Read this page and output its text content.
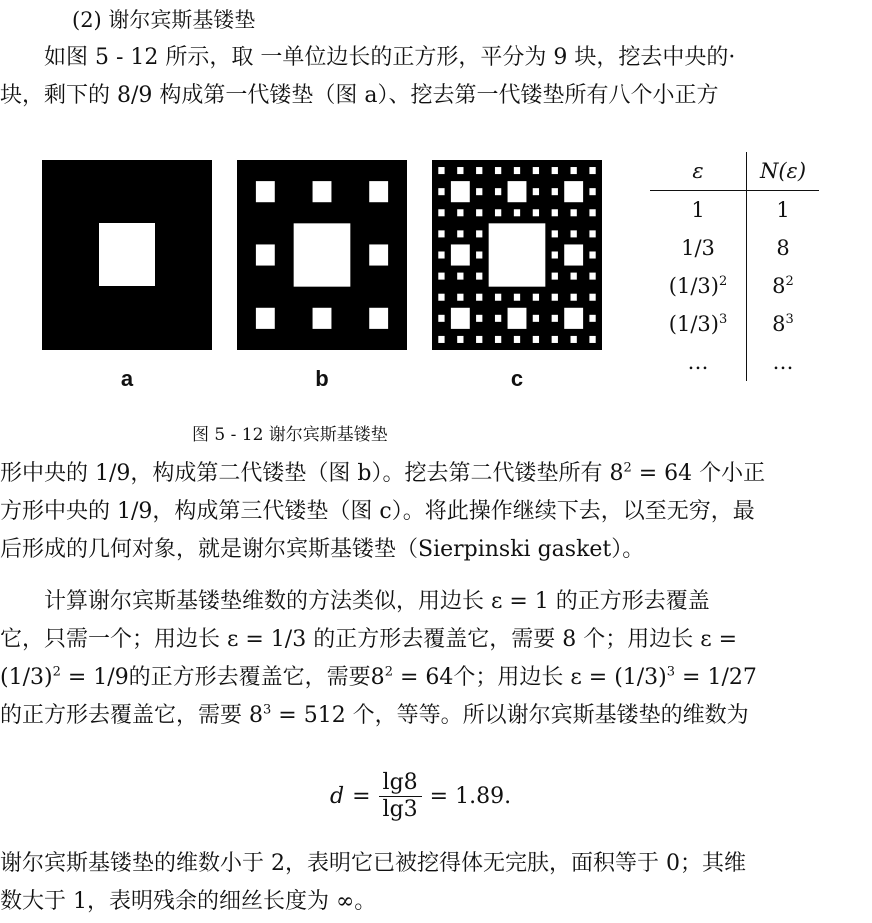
(2) 谢尔宾斯基镂垫
如图 5 - 12 所示，取 一单位边长的正方形，平分为 9 块，挖去中央的·
块，剩下的 8/9 构成第一代镂垫（图 a）、挖去第一代镂垫所有八个小正方
a	b	c
ε	N(ε)
1	1
1/3	8
$(1/3)^2$	$8^2$
$(1/3)^3$	$8^3$
…	…
图 5 - 12 谢尔宾斯基镂垫
形中央的 1/9，构成第二代镂垫（图 b）。挖去第二代镂垫所有 $8^2 = 64$ 个小正
方形中央的 1/9，构成第三代镂垫（图 c）。将此操作继续下去，以至无穷，最
后形成的几何对象，就是谢尔宾斯基镂垫（Sierpinski gasket）。
计算谢尔宾斯基镂垫维数的方法类似，用边长 ε = 1 的正方形去覆盖
它，只需一个；用边长 ε = 1/3 的正方形去覆盖它，需要 8 个；用边长 ε =
$(1/3)^2 = 1/9$的正方形去覆盖它，需要$8^2 = 64$个；用边长 $\varepsilon = (1/3)^3 = 1/27$
的正方形去覆盖它，需要 $8^3 = 512$ 个，等等。所以谢尔宾斯基镂垫的维数为
$d = \frac{\lg 8}{\lg 3} = 1.89$.
谢尔宾斯基镂垫的维数小于 2，表明它已被挖得体无完肤，面积等于 0；其维
数大于 1，表明残余的细丝长度为 ∞。
